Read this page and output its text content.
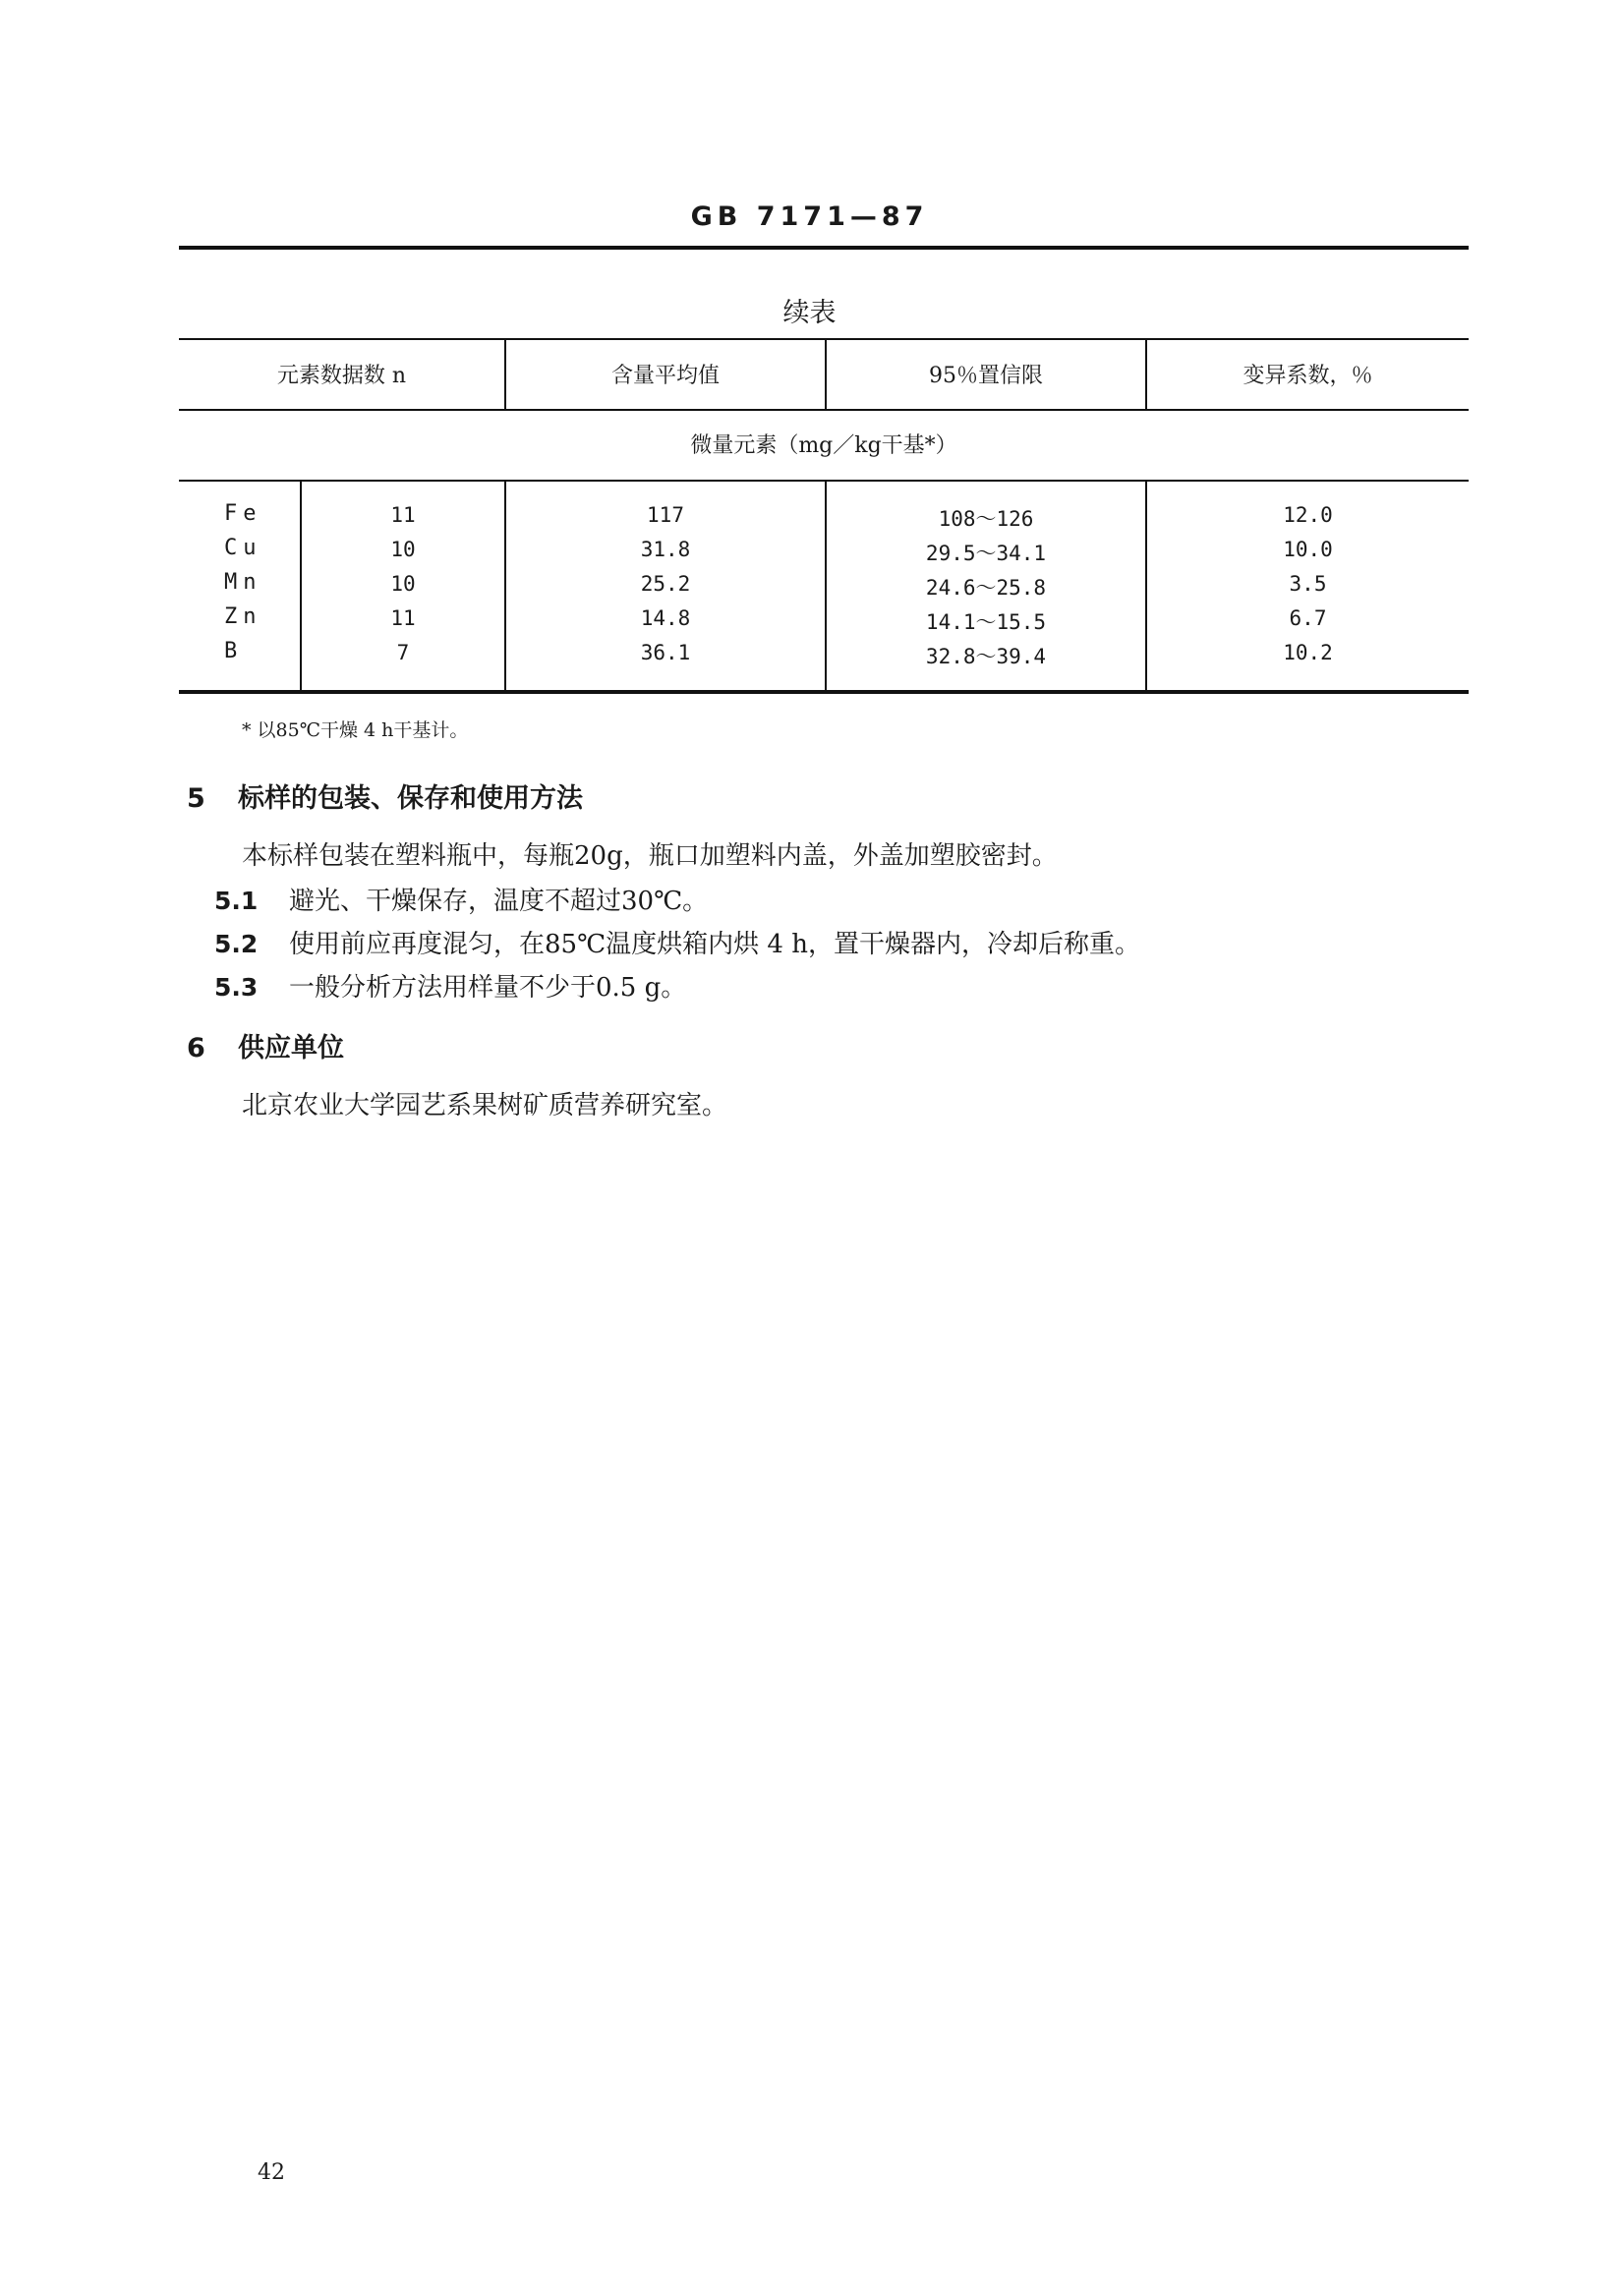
GB 7171—87
续表
元素数据数 n	含量平均值	95％置信限	变异系数，％
微量元素（mg／kg干基*）
Fe	11	117	108～126	12.0
Cu	10	31.8	29.5～34.1	10.0
Mn	10	25.2	24.6～25.8	3.5
Zn	11	14.8	14.1～15.5	6.7
B	7	36.1	32.8～39.4	10.2
* 以85℃干燥 4 h干基计。
5 标样的包装、保存和使用方法
本标样包装在塑料瓶中，每瓶20g，瓶口加塑料内盖，外盖加塑胶密封。
5.1 避光、干燥保存，温度不超过30℃。
5.2 使用前应再度混匀，在85℃温度烘箱内烘 4 h，置干燥器内，冷却后称重。
5.3 一般分析方法用样量不少于0.5 g。
6 供应单位
北京农业大学园艺系果树矿质营养研究室。
42
